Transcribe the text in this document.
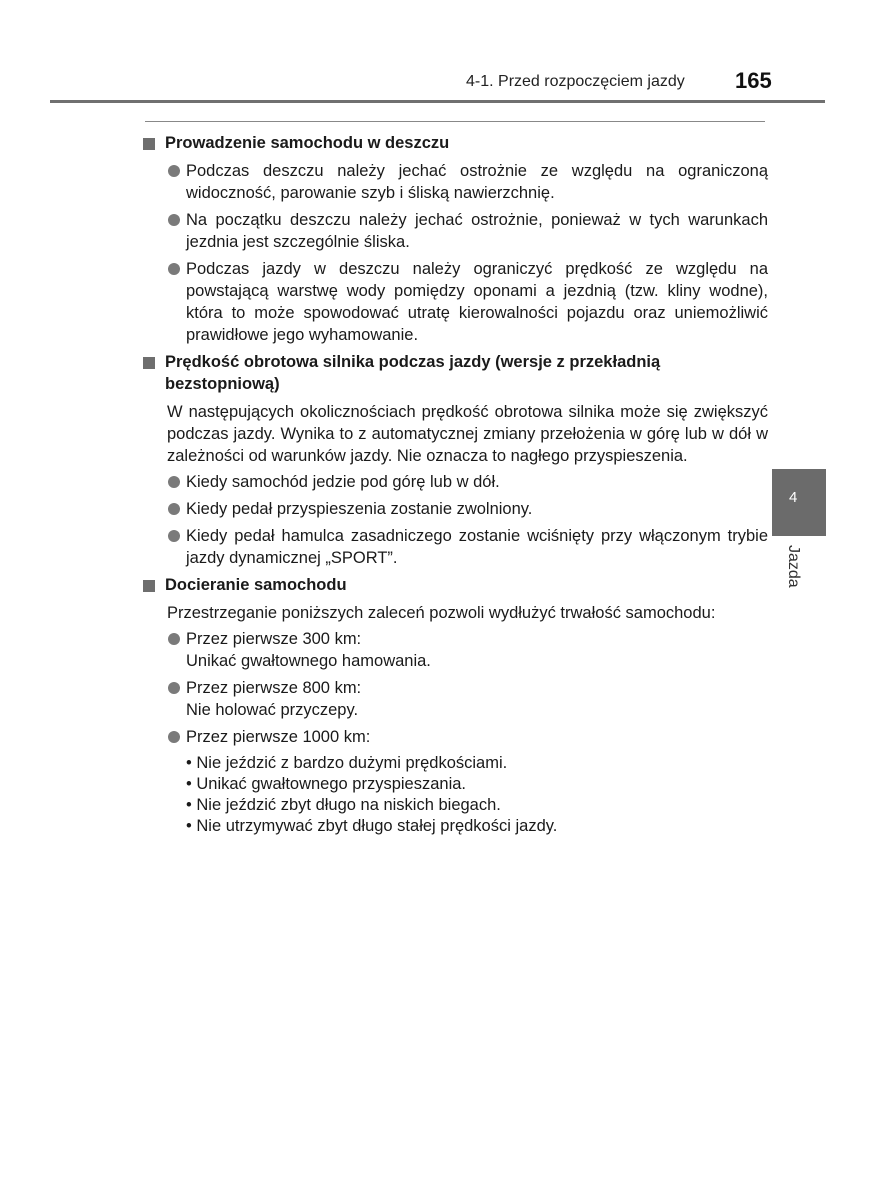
4-1. Przed rozpoczęciem jazdy 165
Prowadzenie samochodu w deszczu
Podczas deszczu należy jechać ostrożnie ze względu na ograniczoną widoczność, parowanie szyb i śliską nawierzchnię.
Na początku deszczu należy jechać ostrożnie, ponieważ w tych warunkach jezdnia jest szczególnie śliska.
Podczas jazdy w deszczu należy ograniczyć prędkość ze względu na powstającą warstwę wody pomiędzy oponami a jezdnią (tzw. kliny wodne), która to może spowodować utratę kierowalności pojazdu oraz uniemożliwić prawidłowe jego wyhamowanie.
Prędkość obrotowa silnika podczas jazdy (wersje z przekładnią bezstopniową)
W następujących okolicznościach prędkość obrotowa silnika może się zwiększyć podczas jazdy. Wynika to z automatycznej zmiany przełożenia w górę lub w dół w zależności od warunków jazdy. Nie oznacza to nagłego przyspieszenia.
Kiedy samochód jedzie pod górę lub w dół.
Kiedy pedał przyspieszenia zostanie zwolniony.
Kiedy pedał hamulca zasadniczego zostanie wciśnięty przy włączonym trybie jazdy dynamicznej „SPORT”.
Docieranie samochodu
Przestrzeganie poniższych zaleceń pozwoli wydłużyć trwałość samochodu:
Przez pierwsze 300 km:
Unikać gwałtownego hamowania.
Przez pierwsze 800 km:
Nie holować przyczepy.
Przez pierwsze 1000 km:
• Nie jeździć z bardzo dużymi prędkościami.
• Unikać gwałtownego przyspieszania.
• Nie jeździć zbyt długo na niskich biegach.
• Nie utrzymywać zbyt długo stałej prędkości jazdy.
4
Jazda
